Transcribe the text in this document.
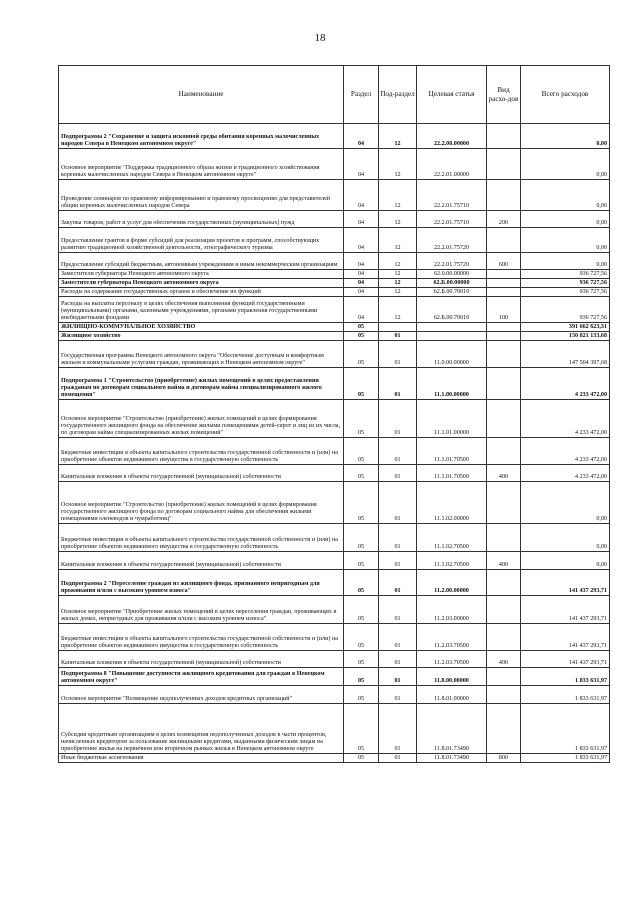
18
Наименование	Раздел	Под-раздел	Целевая статья	Вид расхо-дов	Всего расходов
Подпрограмма 2 "Сохранение и защита исконной среды обитания коренных малочисленных народов Севера в Ненецком автономном округе"	04	12	22.2.00.00000		0,00
Основное мероприятие "Поддержка традиционного образа жизни и традиционного хозяйствования коренных малочисленных народов Севера в Ненецком автономном округе"	04	12	22.2.01.00000		0,00
Проведение семинаров по правовому информированию и правовому просвещению для представителей общин коренных малочисленных народов Севера	04	12	22.2.01.75710		0,00
Закупка товаров, работ и услуг для обеспечения государственных (муниципальных) нужд	04	12	22.2.01.75710	200	0,00
Предоставление грантов в форме субсидий для реализации проектов и программ, способствующих развитию традиционной хозяйственной деятельности, этнографического туризма	04	12	22.2.01.75720		0,00
Предоставление субсидий бюджетным, автономным учреждениям и иным некоммерческим организациям	04	12	22.2.01.75720	600	0,00
Заместители губернатора Ненецкого автономного округа	04	12	62.0.00.00000		936 727,56
Заместители губернатора Ненецкого автономного округа	04	12	62.Б.00.00000		936 727,56
Расходы на содержание государственных органов и обеспечение их функций	04	12	62.Б.00.70010		936 727,56
Расходы на выплаты персоналу в целях обеспечения выполнения функций государственными (муниципальными) органами, казенными учреждениями, органами управления государственными внебюджетными фондами	04	12	62.Б.00.70010	100	936 727,56
ЖИЛИЩНО-КОММУНАЛЬНОЕ ХОЗЯЙСТВО	05				391 662 623,31
Жилищное хозяйство	05	01			150 821 133,68
Государственная программа Ненецкого автономного округа "Обеспечение доступным и комфортным жильем и коммунальными услугами граждан, проживающих в Ненецком автономном округе"	05	01	11.0.00.00000		147 504 397,68
Подпрограмма 1 "Строительство (приобретение) жилых помещений в целях предоставления гражданам по договорам социального найма и договорам найма специализированного жилого помещения"	05	01	11.1.00.00000		4 233 472,00
Основное мероприятие "Строительство (приобретение) жилых помещений в целях формирования государственного жилищного фонда на обеспечение жилыми помещениями детей-сирот и лиц из их числа, по договорам найма специализированных жилых помещений"	05	01	11.1.01.00000		4 233 472,00
Бюджетные инвестиции в объекты капитального строительства государственной собственности и (или) на приобретение объектов недвижимого имущества в государственную собственность	05	01	11.1.01.70500		4 233 472,00
Капитальные вложения в объекты государственной (муниципальной) собственности	05	01	11.1.01.70500	400	4 233 472,00
Основное мероприятие "Строительство (приобретение) жилых помещений в целях формирования государственного жилищного фонда по договорам социального найма для обеспечения жилыми помещениями оленеводов и чумработниц"	05	01	11.1.02.00000		0,00
Бюджетные инвестиции в объекты капитального строительства государственной собственности и (или) на приобретение объектов недвижимого имущества в государственную собственность	05	01	11.1.02.70500		0,00
Капитальные вложения в объекты государственной (муниципальной) собственности	05	01	11.1.02.70500	400	0,00
Подпрограмма 2 "Переселение граждан из жилищного фонда, признанного непригодным для проживания и/или с высоким уровнем износа"	05	01	11.2.00.00000		141 437 293,71
Основное мероприятие "Приобретение жилых помещений в целях переселения граждан, проживающих в жилых домах, непригодных для проживания и/или с высоким уровнем износа"	05	01	11.2.03.00000		141 437 293,71
Бюджетные инвестиции в объекты капитального строительства государственной собственности и (или) на приобретение объектов недвижимого имущества в государственную собственность	05	01	11.2.03.70500		141 437 293,71
Капитальные вложения в объекты государственной (муниципальной) собственности	05	01	11.2.03.70500	400	141 437 293,71
Подпрограмма 8 "Повышение доступности жилищного кредитования для граждан в Ненецком автономном округе"	05	01	11.8.00.00000		1 833 631,97
Основное мероприятие "Возмещение недополученных доходов кредитных организаций"	05	01	11.8.01.00000		1 833 631,97
Субсидии кредитным организациям в целях возмещения недополученных доходов в части процентов, начисленных кредитором за пользование жилищными кредитами, выданными физическим лицам на приобретение жилья на первичном или вторичном рынках жилья в Ненецком автономном округе	05	01	11.8.01.73490		1 833 631,97
Иные бюджетные ассигнования	05	01	11.8.01.73490	800	1 833 631,97
